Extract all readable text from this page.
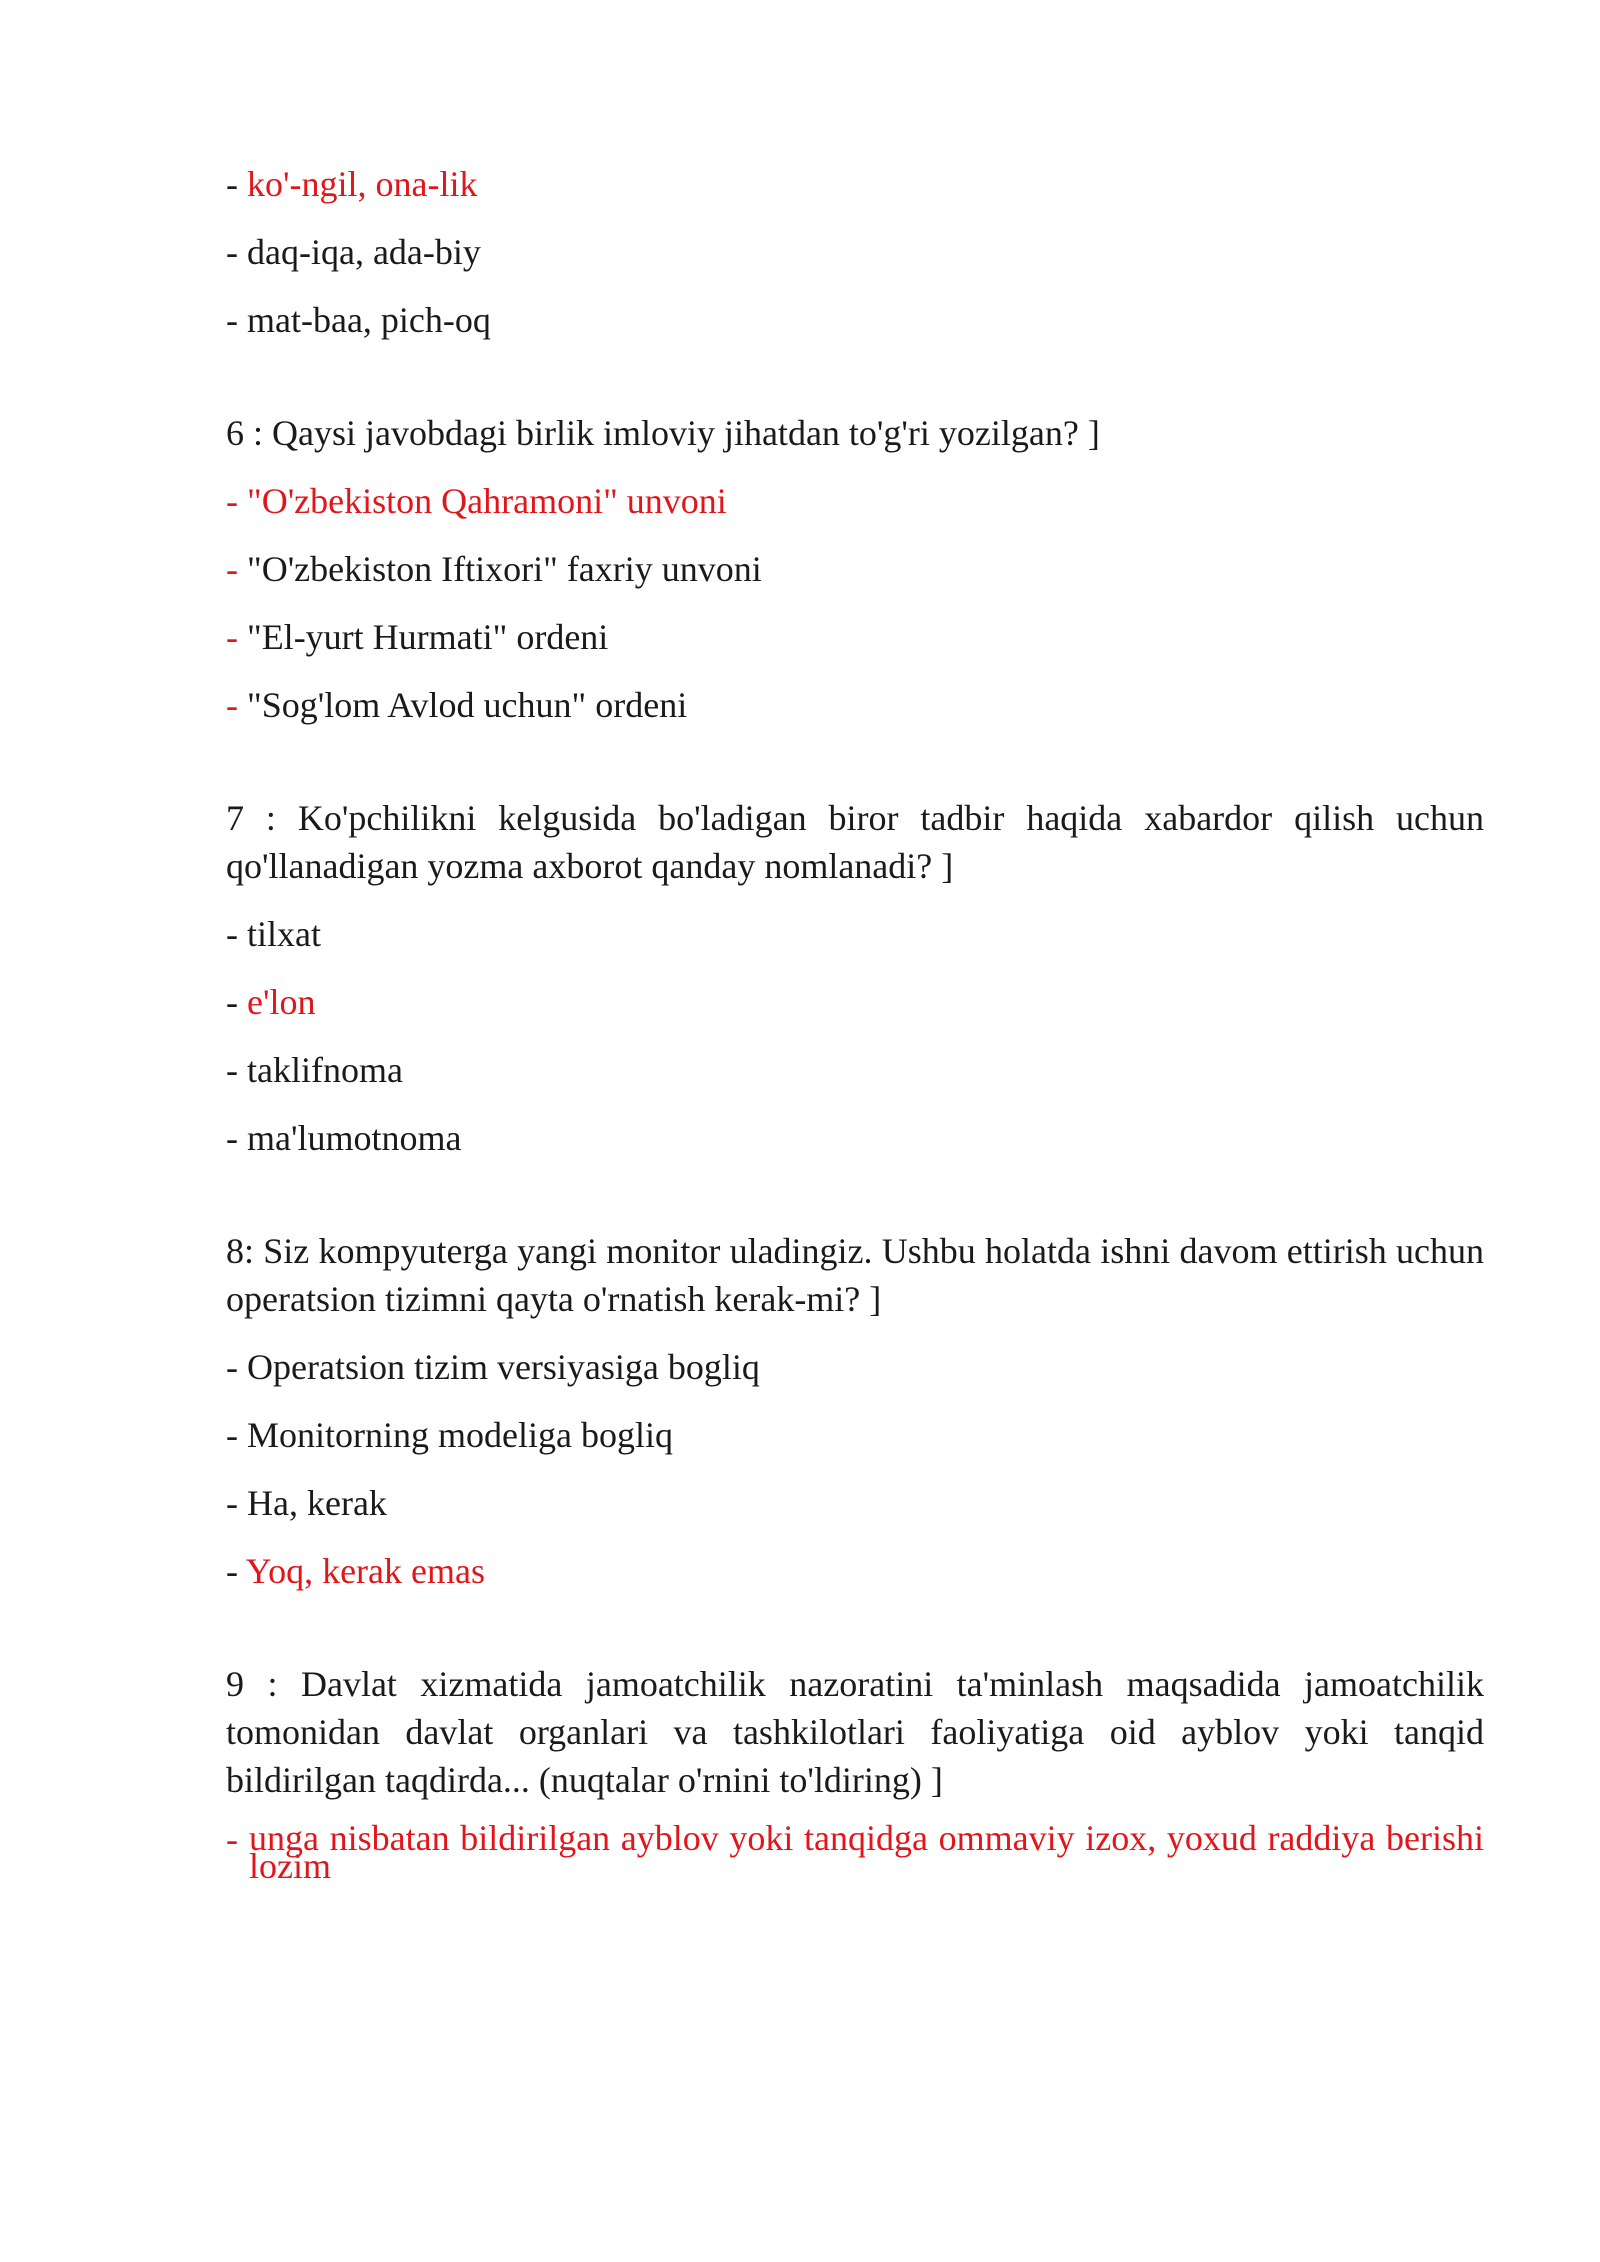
- ko'-ngil, ona-lik

- daq-iqa, ada-biy

- mat-baa, pich-oq

6 : Qaysi javobdagi birlik imloviy jihatdan to'g'ri yozilgan? ]

- "O'zbekiston Qahramoni" unvoni

- "O'zbekiston Iftixori" faxriy unvoni

- "El-yurt Hurmati" ordeni

- "Sog'lom Avlod uchun" ordeni

7 : Ko'pchilikni kelgusida bo'ladigan biror tadbir haqida xabardor qilish uchun qo'llanadigan yozma axborot qanday nomlanadi? ]

- tilxat

- e'lon

- taklifnoma

- ma'lumotnoma

8: Siz kompyuterga yangi monitor uladingiz. Ushbu holatda ishni davom ettirish uchun operatsion tizimni qayta o'rnatish kerak-mi? ]

- Operatsion tizim versiyasiga bogliq

- Monitorning modeliga bogliq

- Ha, kerak

- Yoq, kerak emas

9 : Davlat xizmatida jamoatchilik nazoratini ta'minlash maqsadida jamoatchilik tomonidan davlat organlari va tashkilotlari faoliyatiga oid ayblov yoki tanqid bildirilgan taqdirda... (nuqtalar o'rnini to'ldiring) ]

- unga nisbatan bildirilgan ayblov yoki tanqidga ommaviy izox, yoxud raddiya berishi lozim
